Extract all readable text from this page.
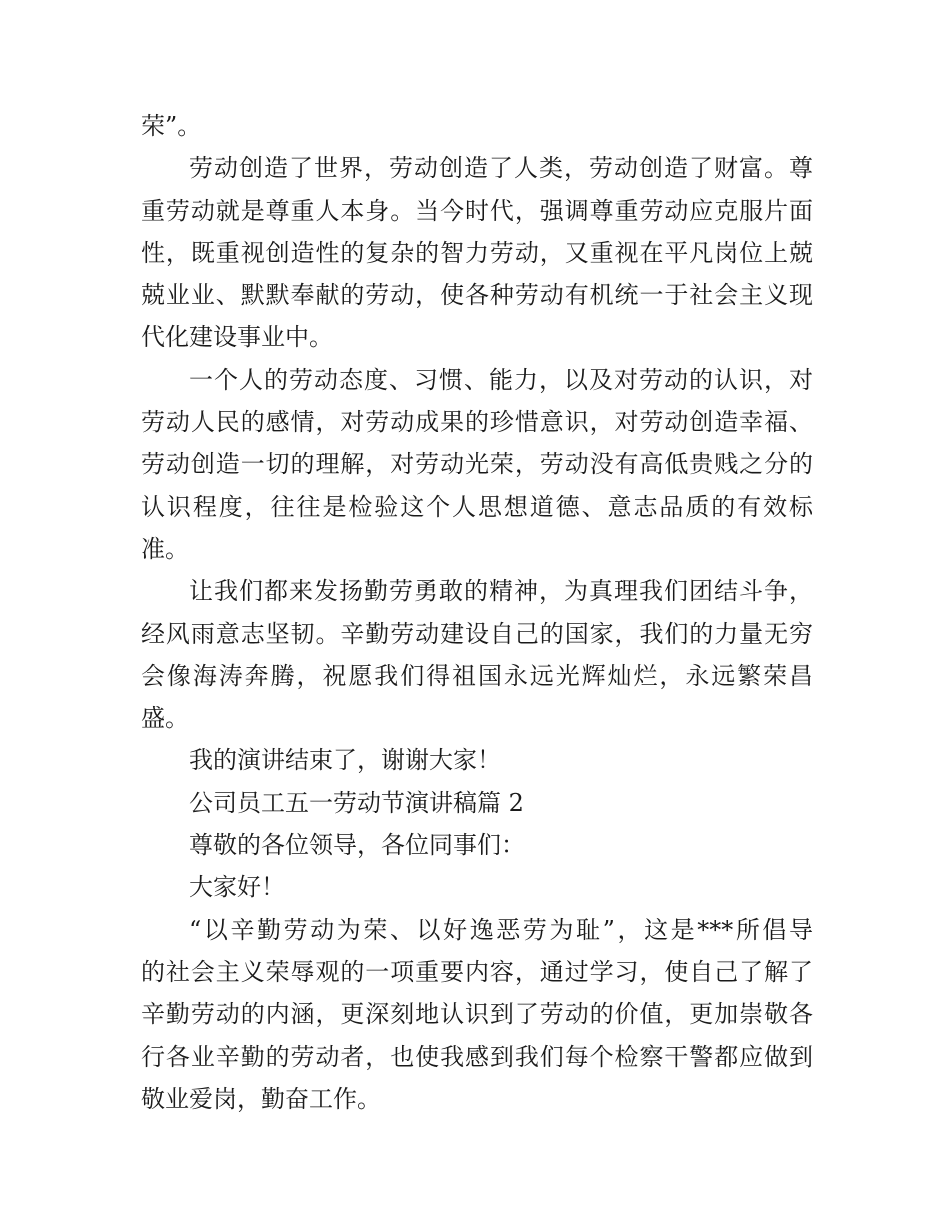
荣”。
劳动创造了世界，劳动创造了人类，劳动创造了财富。尊
重劳动就是尊重人本身。当今时代，强调尊重劳动应克服片面
性，既重视创造性的复杂的智力劳动，又重视在平凡岗位上兢
兢业业、默默奉献的劳动，使各种劳动有机统一于社会主义现
代化建设事业中。
一个人的劳动态度、习惯、能力，以及对劳动的认识，对
劳动人民的感情，对劳动成果的珍惜意识，对劳动创造幸福、
劳动创造一切的理解，对劳动光荣，劳动没有高低贵贱之分的
认识程度，往往是检验这个人思想道德、意志品质的有效标
准。
让我们都来发扬勤劳勇敢的精神，为真理我们团结斗争，
经风雨意志坚韧。辛勤劳动建设自己的国家，我们的力量无穷
会像海涛奔腾，祝愿我们得祖国永远光辉灿烂，永远繁荣昌
盛。
我的演讲结束了，谢谢大家！
公司员工五一劳动节演讲稿篇 2
尊敬的各位领导，各位同事们：
大家好！
“以辛勤劳动为荣、以好逸恶劳为耻”，这是***所倡导
的社会主义荣辱观的一项重要内容，通过学习，使自己了解了
辛勤劳动的内涵，更深刻地认识到了劳动的价值，更加崇敬各
行各业辛勤的劳动者，也使我感到我们每个检察干警都应做到
敬业爱岗，勤奋工作。
